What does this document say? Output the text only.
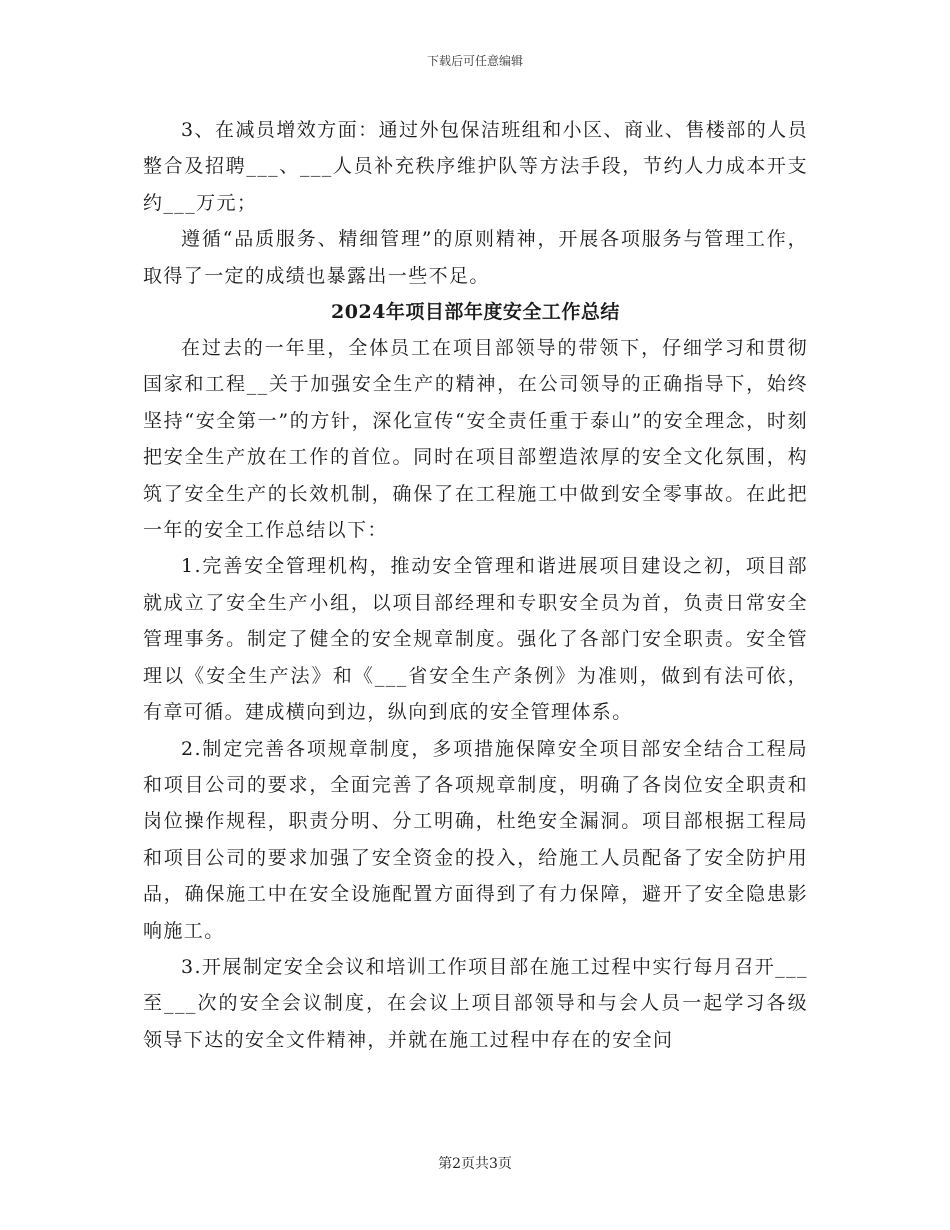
下载后可任意编辑

3、在减员增效方面：通过外包保洁班组和小区、商业、售楼部的人员整合及招聘___、___人员补充秩序维护队等方法手段，节约人力成本开支约___万元；

遵循“品质服务、精细管理”的原则精神，开展各项服务与管理工作，取得了一定的成绩也暴露出一些不足。

2024年项目部年度安全工作总结

在过去的一年里，全体员工在项目部领导的带领下，仔细学习和贯彻国家和工程__关于加强安全生产的精神，在公司领导的正确指导下，始终坚持“安全第一”的方针，深化宣传“安全责任重于泰山”的安全理念，时刻把安全生产放在工作的首位。同时在项目部塑造浓厚的安全文化氛围，构筑了安全生产的长效机制，确保了在工程施工中做到安全零事故。在此把一年的安全工作总结以下：

1.完善安全管理机构，推动安全管理和谐进展项目建设之初，项目部就成立了安全生产小组，以项目部经理和专职安全员为首，负责日常安全管理事务。制定了健全的安全规章制度。强化了各部门安全职责。安全管理以《安全生产法》和《___省安全生产条例》为准则，做到有法可依，有章可循。建成横向到边，纵向到底的安全管理体系。

2.制定完善各项规章制度，多项措施保障安全项目部安全结合工程局和项目公司的要求，全面完善了各项规章制度，明确了各岗位安全职责和岗位操作规程，职责分明、分工明确，杜绝安全漏洞。项目部根据工程局和项目公司的要求加强了安全资金的投入，给施工人员配备了安全防护用品，确保施工中在安全设施配置方面得到了有力保障，避开了安全隐患影响施工。

3.开展制定安全会议和培训工作项目部在施工过程中实行每月召开___至___次的安全会议制度，在会议上项目部领导和与会人员一起学习各级领导下达的安全文件精神，并就在施工过程中存在的安全问

第2页共3页
